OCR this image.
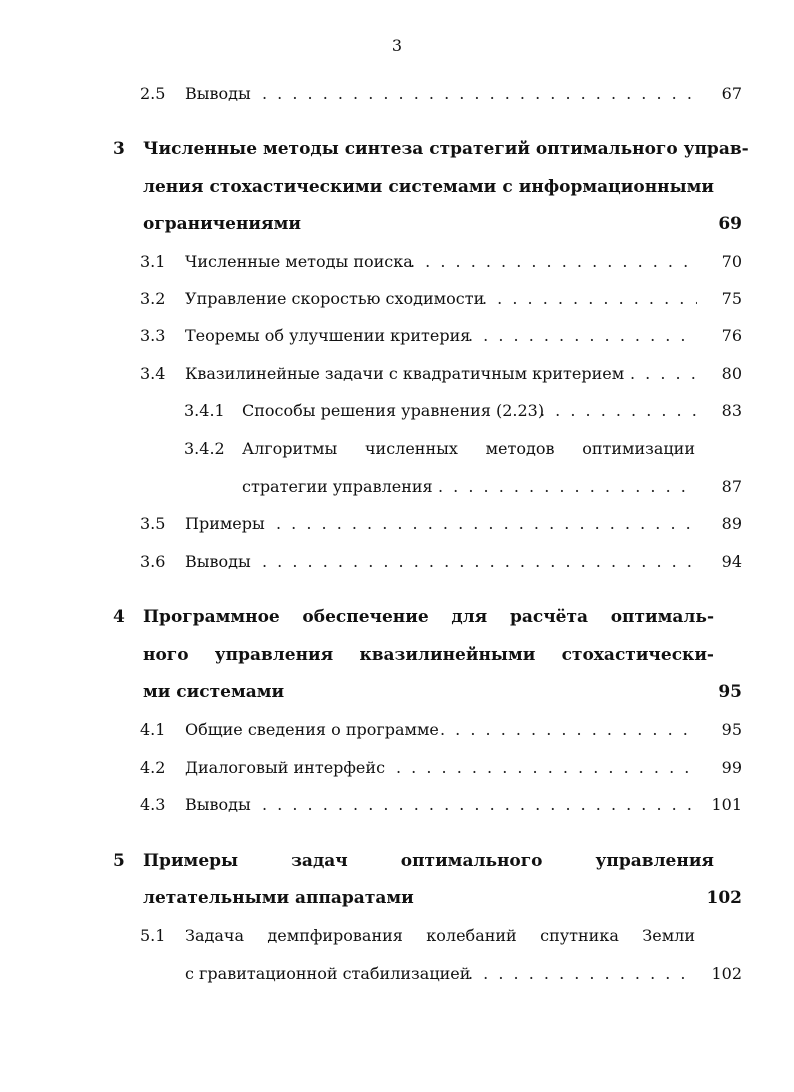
3
2.5 Выводы . . .	67
3 Численные методы синтеза стратегий оптимального управ-
ления стохастическими системами с информационными
ограничениями	69
3.1 Численные методы поиска . . .	70
3.2 Управление скоростью сходимости . . .	75
3.3 Теоремы об улучшении критерия . . .	76
3.4 Квазилинейные задачи с квадратичным критерием . . .	80
3.4.1 Способы решения уравнения (2.23) . . .	83
3.4.2 Алгоритмы численных методов оптимизации
стратегии управления . . .	87
3.5 Примеры . . .	89
3.6 Выводы . . .	94
4 Программное обеспечение для расчёта оптималь-
ного управления квазилинейными стохастически-
ми системами	95
4.1 Общие сведения о программе . . .	95
4.2 Диалоговый интерфейс . . .	99
4.3 Выводы . . .	101
5 Примеры задач оптимального управления
летательными аппаратами	102
5.1 Задача демпфирования колебаний спутника Земли
с гравитационной стабилизацией . . .	102
